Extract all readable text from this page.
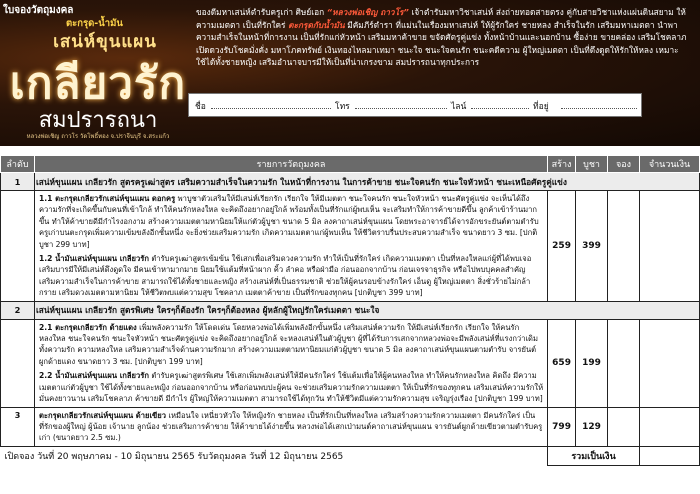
ใบจองวัตถุมงคล
ตะกรุด-น้ำมัน
เสน่ห์ขุนแผน
เกลียวรัก
สมปรารถนา
หลวงพ่อเชิญ ถาวโร วัดโพธิ์ทอง จ.ปราจีนบุรี จ.สระแก้ว
ของดีมหาเสน่ห์ตำรับครูเก่า ศิษย์เอก “หลวงพ่อเชิญ ถาวโร” เจ้าตำรับมหาวิชาเสน่ห์ ส่งถ่ายทอดสายตรง คู่กับสายวิชาแห่งแผ่นดินสยาม ให้ความเมตตา เป็นที่รักใคร่ ตะกรุดกับน้ำมัน มีคัมภีร์ตำรา ที่แม่นในเรื่องมหาเสน่ห์ ให้ผู้รักใคร่ ชายหลง สำเร็จในรัก เสริมมหาเมตตา นำพาความสำเร็จในหน้าที่การงาน เป็นที่รักแก่หัวหน้า เสริมมหาค้าขาย ขจัดศัตรูคู่แข่ง ทั้งหน้าบ้านและนอกบ้าน ซื้อง่าย ขายคล่อง เสริมโชคลาภ เปิดดวงรับโชคมั่งคั่ง มหาโภคทรัพย์ เงินทองไหลมาเทมา ชนะใจ ชนะใจคนรัก ชนะคดีความ ผู้ใหญ่เมตตา เป็นที่ดึงดูดให้รักให้หลง เหมาะใช้ได้ทั้งชายหญิง เสริมอำนาจบารมีให้เป็นที่น่าเกรงขาม สมปรารถนาทุกประการ
ชื่อ	โทร	ไลน์	ที่อยู่
ลำดับ	รายการวัตถุมงคล	สร้าง	บูชา	จอง	จำนวนเงิน
1	เสน่ห์ขุนแผน เกลียวรัก สูตรครูเฒ่าสูตร เสริมความสำเร็จในความรัก ในหน้าที่การงาน ในการค้าขาย ชนะใจคนรัก ชนะใจหัวหน้า ชนะเหนือศัตรูคู่แข่ง				

	1.1 ตะกรุดเกลียวรักเสน่ห์ขุนแผน ดอกครู พาบูชาตัวเสริมให้มีเสน่ห์เรียกรัก เรียกใจ ให้มีเมตตา ชนะใจคนรัก ชนะใจหัวหน้า ชนะศัตรูคู่แข่ง จะเห็นได้ถึงความรักที่จะเกิดขึ้นกับคนที่เข้าใกล้ ทำให้คนรักหลงใหล จะคิดถึงอยากอยู่ใกล้ พร้อมทั้งเป็นที่รักแก่ผู้พบเห็น จะเสริมทำให้การค้าขายดีขึ้น ลูกค้าเข้าร้านมากขึ้น ทำให้ค้าขายดีมีกำไรงอกงาม สร้างความเมตตามหานิยมให้แก่ตัวผู้บูชา ขนาด 5 มิล ลงคาถาเสน่ห์ขุนแผน โดยพระอาจารย์ได้จารอักขระยันต์ตามตำรับครูเก่าบนตะกรุดเพิ่มความเข้มขลังอีกชั้นหนึ่ง จะยิ่งช่วยเสริมความรัก เกิดความเมตตาแก่ผู้พบเห็น ให้ชีวิตราบรื่นประสบความสำเร็จ ขนาดยาว 3 ซม. [ปกติบูชา 299 บาท]
1.2 น้ำมันเสน่ห์ขุนแผน เกลียวรัก ตำรับครูเฒ่าสูตรเข้มข้น ใช้เสกเพื่อเสริมดวงความรัก ทำให้เป็นที่รักใคร่ เกิดความเมตตา เป็นที่หลงใหลแก่ผู้ที่ได้พบเจอ เสริมบารมีให้มีเสน่ห์ดึงดูดใจ มีคนเข้าหามากมาย นิยมใช้แต้มที่หน้าผาก คิ้ว ลำคอ หรือฝ่ามือ ก่อนออกจากบ้าน ก่อนเจรจาธุรกิจ หรือไปพบบุคคลสำคัญ เสริมความสำเร็จในการค้าขาย สามารถใช้ได้ทั้งชายและหญิง สร้างเสน่ห์ที่เป็นธรรมชาติ ช่วยให้ผู้คนรอบข้างรักใคร่ เอ็นดู ผู้ใหญ่เมตตา สิ่งชั่วร้ายไม่กล้ากราย เสริมดวงเมตตามหานิยม ให้ชีวิตพบแต่ความสุข โชคลาภ เมตตาค้าขาย เป็นที่รักของทุกคน [ปกติบูชา 399 บาท]	259	399		
2	เสน่ห์ขุนแผน เกลียวรัก สูตรพิเศษ ใครๆก็ต้องรัก ใครๆก็ต้องหลง ผู้หลักผู้ใหญ่รักใคร่เมตตา ชนะใจ				

	2.1 ตะกรุดเกลียวรัก ด้ายแดง เพิ่มพลังความรัก ให้โดดเด่น โดยหลวงพ่อได้เพิ่มพลังอีกขั้นหนึ่ง เสริมเสน่ห์ความรัก ให้มีเสน่ห์เรียกรัก เรียกใจ ให้คนรักหลงใหล ชนะใจคนรัก ชนะใจหัวหน้า ชนะศัตรูคู่แข่ง จะคิดถึงอยากอยู่ใกล้ จะหลงเสน่ห์ในตัวผู้บูชา ผู้ที่ได้รับการเสกจากหลวงพ่อจะมีพลังเสน่ห์ที่แรงกว่าเดิม ทั้งความรัก ความหลงใหล เสริมความสำเร็จด้านความรักมาก สร้างความเมตตามหานิยมแก่ตัวผู้บูชา ขนาด 5 มิล ลงคาถาเสน่ห์ขุนแผนตามตำรับ จารยันต์ผูกด้ายแดง ขนาดยาว 3 ซม. [ปกติบูชา 199 บาท]
2.2 น้ำมันเสน่ห์ขุนแผน เกลียวรัก ตำรับครูเฒ่าสูตรพิเศษ ใช้เสกเพิ่มพลังเสน่ห์ให้มีคนรักใคร่ ใช้แต้มเพื่อให้ผู้คนหลงใหล ทำให้คนรักหลงใหล คิดถึง มีความเมตตาแก่ตัวผู้บูชา ใช้ได้ทั้งชายและหญิง ก่อนออกจากบ้าน หรือก่อนพบปะผู้คน จะช่วยเสริมความรักความเมตตา ให้เป็นที่รักของทุกคน เสริมเสน่ห์ความรักให้มั่นคงยาวนาน เสริมโชคลาภ ค้าขายดี มีกำไร ผู้ใหญ่ให้ความเมตตา สามารถใช้ได้ทุกวัน ทำให้ชีวิตมีแต่ความรักความสุข เจริญรุ่งเรือง [ปกติบูชา 199 บาท]	659	199		
3	ตะกรุดเกลียวรักเสน่ห์ขุนแผน ด้ายเขียว เหมือนใจ เหนี่ยวหัวใจ ให้หญิงรัก ชายหลง เป็นที่รักเป็นที่หลงใหล เสริมสร้างความรักความเมตตา มีคนรักใคร่ เป็นที่รักของผู้ใหญ่ ผู้น้อย เจ้านาย ลูกน้อง ช่วยเสริมการค้าขาย ให้ค้าขายได้ง่ายขึ้น หลวงพ่อได้เสกเป่ามนต์คาถาเสน่ห์ขุนแผน จารยันต์ผูกด้ายเขียวตามตำรับครูเก่า (ขนาดยาว 2.5 ซม.)	799	129		
เปิดจอง วันที่ 20 พฤษภาคม - 10 มิถุนายน 2565 รับวัตถุมงคล วันที่ 12 มิถุนายน 2565		รวมเป็นเงิน			
